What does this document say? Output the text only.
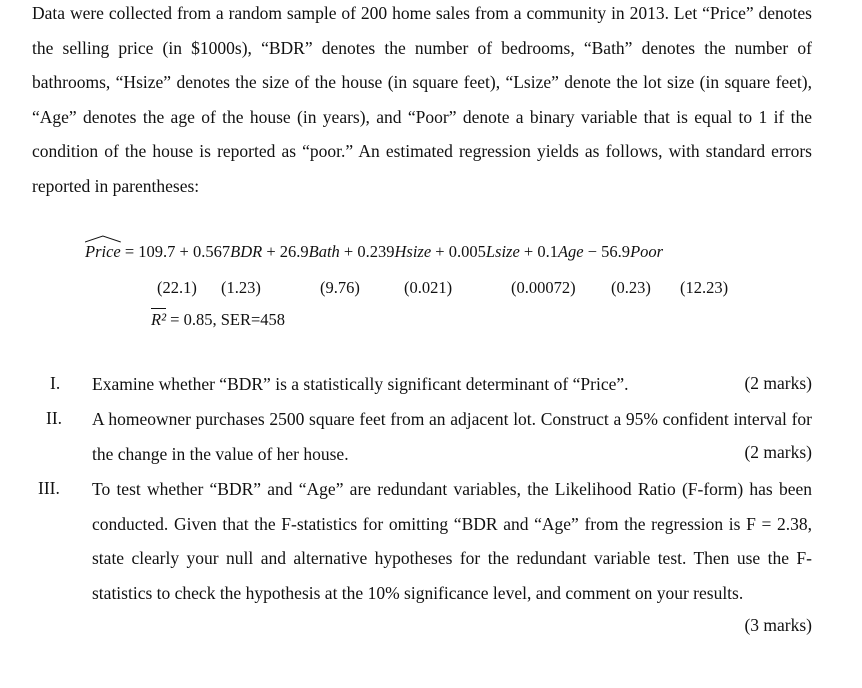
Data were collected from a random sample of 200 home sales from a community in 2013. Let “Price” denotes the selling price (in $1000s), “BDR” denotes the number of bedrooms, “Bath” denotes the number of bathrooms, “Hsize” denotes the size of the house (in square feet), “Lsize” denote the lot size (in square feet), “Age” denotes the age of the house (in years), and “Poor” denote a binary variable that is equal to 1 if the condition of the house is reported as “poor.” An estimated regression yields as follows, with standard errors reported in parentheses:
Price
= 109.7 + 0.567BDR + 26.9Bath + 0.239Hsize + 0.005Lsize + 0.1Age − 56.9Poor
(22.1) (1.23)	(9.76)	(0.021)	(0.00072) (0.23) (12.23)
R² = 0.85, SER=458
I. Examine whether “BDR” is a statistically significant determinant of “Price”.	(2 marks)
II. A homeowner purchases 2500 square feet from an adjacent lot. Construct a 95% confident interval for the change in the value of her house.	(2 marks)
III. To test whether “BDR” and “Age” are redundant variables, the Likelihood Ratio (F-form) has been conducted. Given that the F-statistics for omitting “BDR and “Age” from the regression is F = 2.38, state clearly your null and alternative hypotheses for the redundant variable test. Then use the F-statistics to check the hypothesis at the 10% significance level, and comment on your results.
(3 marks)
